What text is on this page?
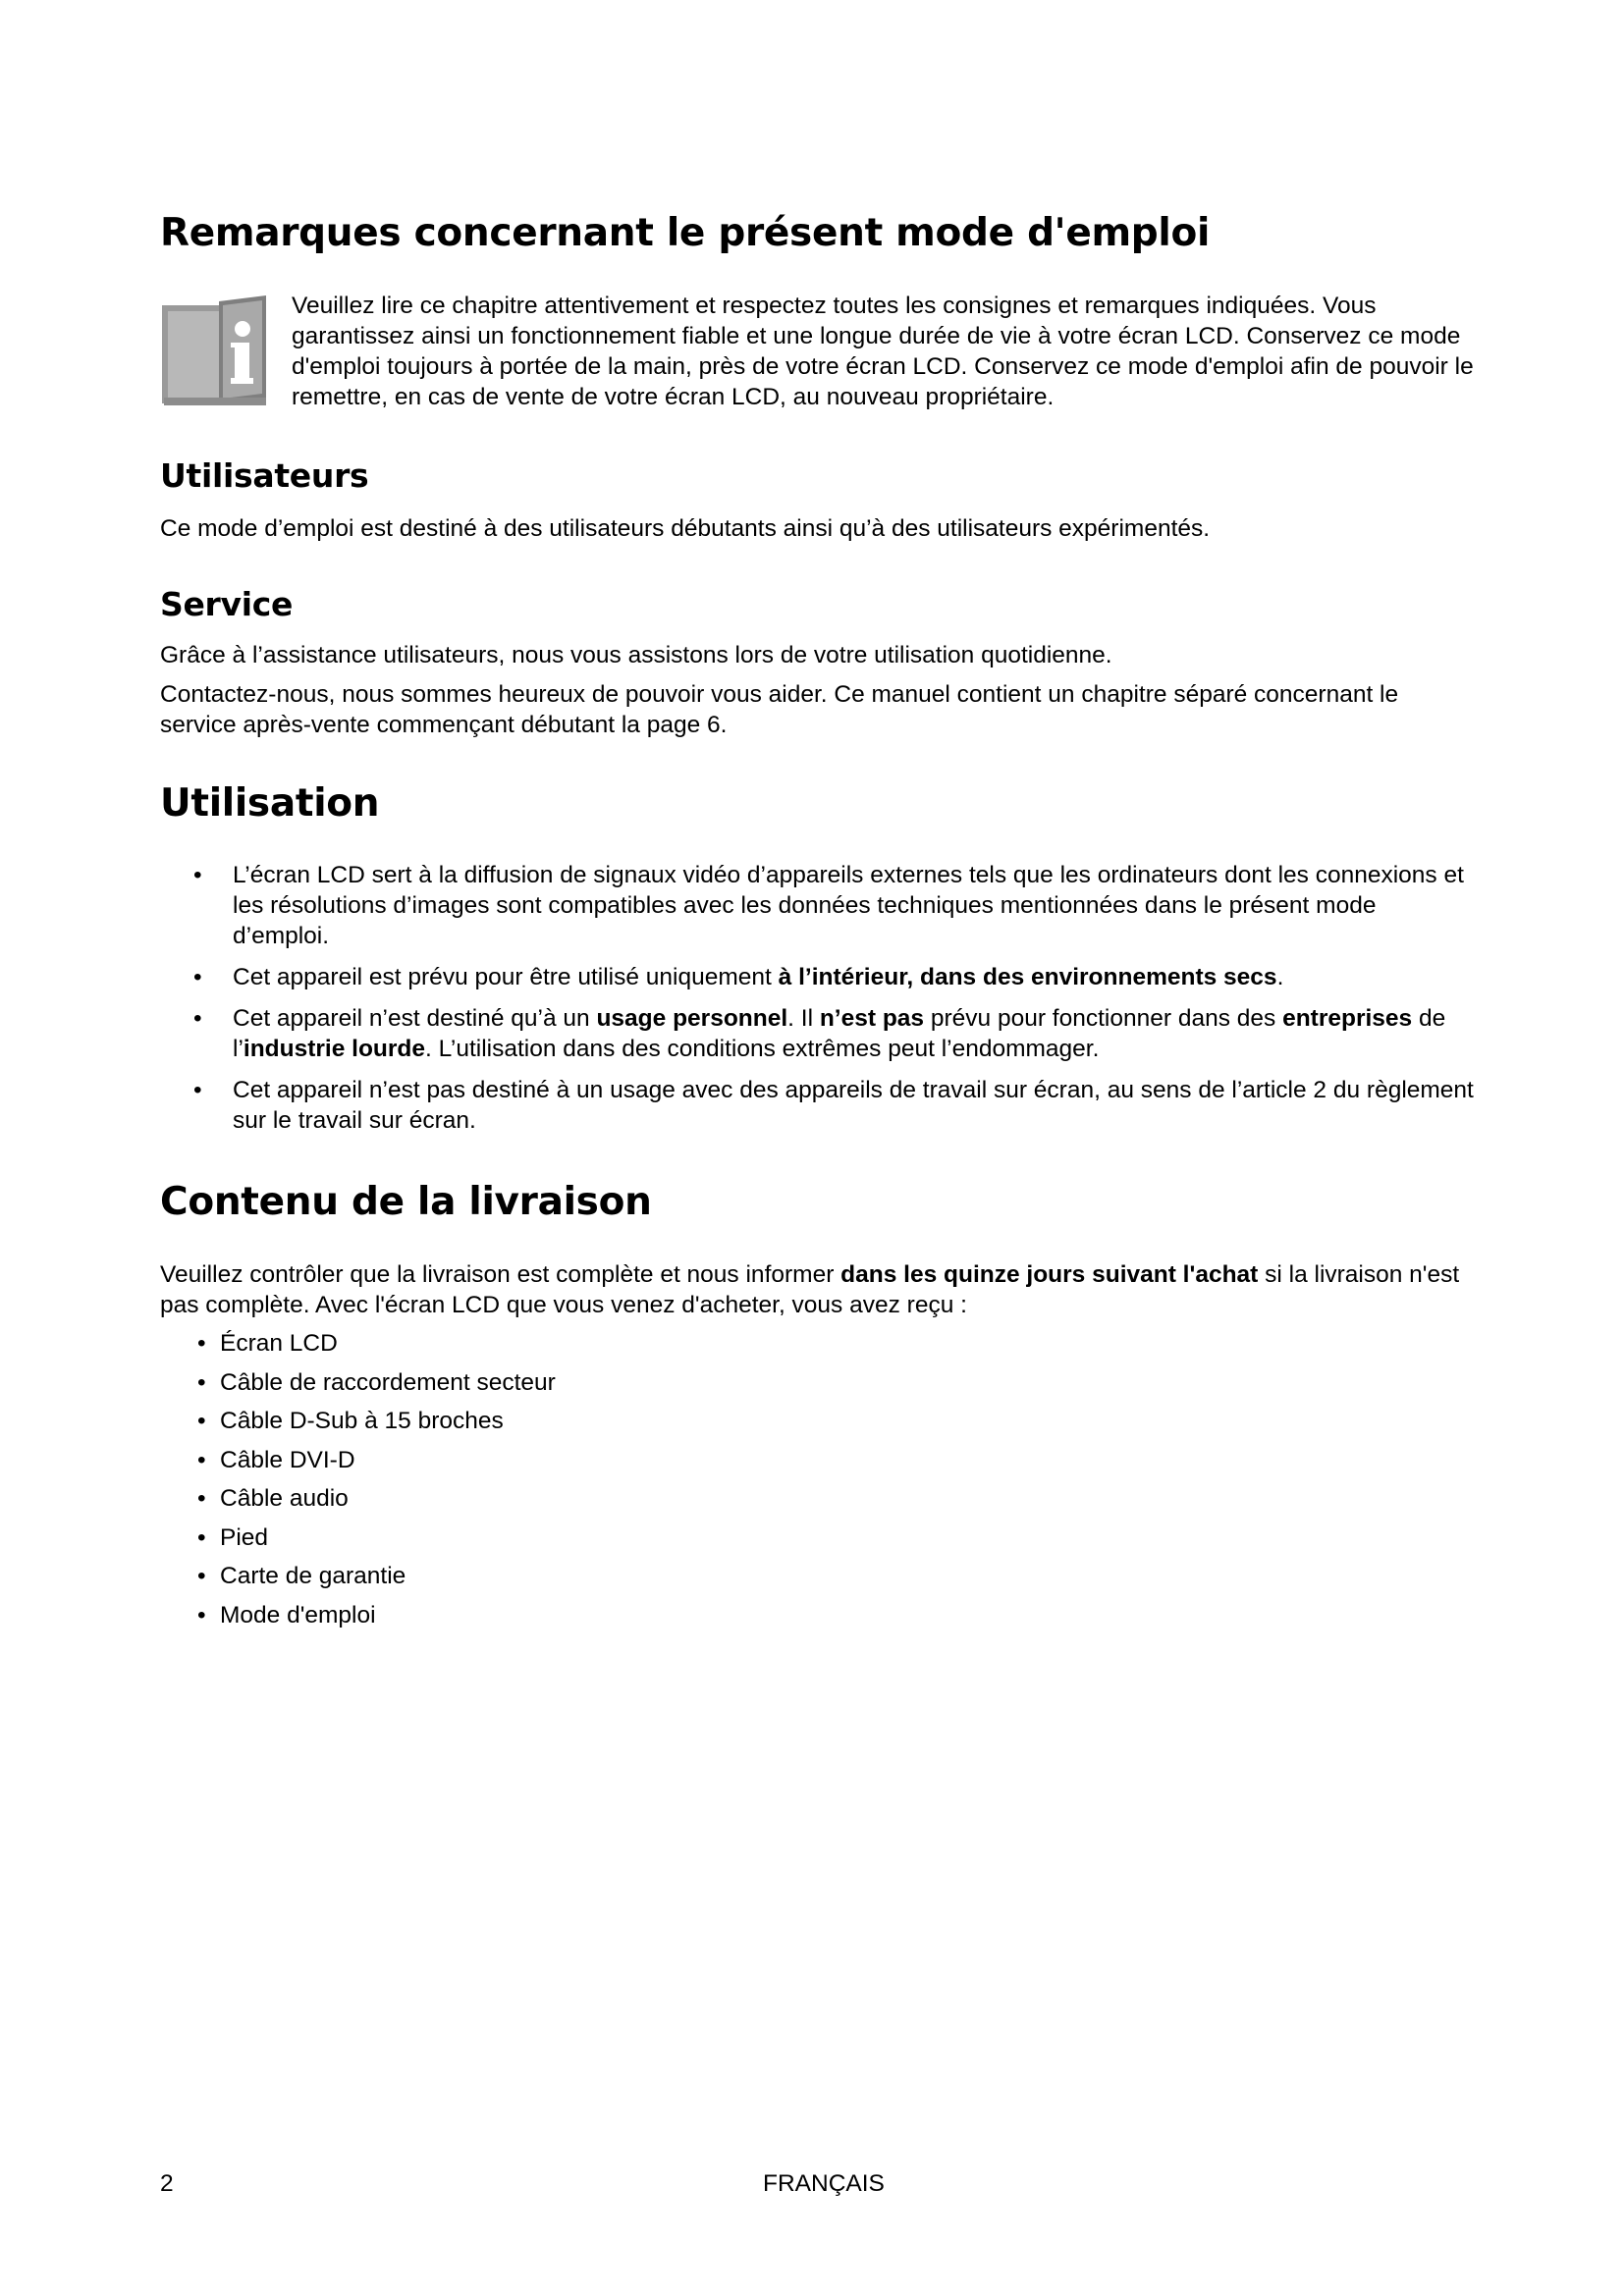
Remarques concernant le présent mode d'emploi

Veuillez lire ce chapitre attentivement et respectez toutes les consignes et remarques indiquées. Vous garantissez ainsi un fonctionnement fiable et une longue durée de vie à votre écran LCD. Conservez ce mode d'emploi toujours à portée de la main, près de votre écran LCD. Conservez ce mode d'emploi afin de pouvoir le remettre, en cas de vente de votre écran LCD, au nouveau propriétaire.

Utilisateurs

Ce mode d’emploi est destiné à des utilisateurs débutants ainsi qu’à des utilisateurs expérimentés.

Service

Grâce à l’assistance utilisateurs, nous vous assistons lors de votre utilisation quotidienne.

Contactez-nous, nous sommes heureux de pouvoir vous aider. Ce manuel contient un chapitre séparé concernant le service après-vente commençant débutant la page 6.

Utilisation
• L’écran LCD sert à la diffusion de signaux vidéo d’appareils externes tels que les ordinateurs dont les connexions et les résolutions d’images sont compatibles avec les données techniques mentionnées dans le présent mode d’emploi.
• Cet appareil est prévu pour être utilisé uniquement à l’intérieur, dans des environnements secs.
• Cet appareil n’est destiné qu’à un usage personnel. Il n’est pas prévu pour fonctionner dans des entreprises de l’industrie lourde. L’utilisation dans des conditions extrêmes peut l’endommager.
• Cet appareil n’est pas destiné à un usage avec des appareils de travail sur écran, au sens de l’article 2 du règlement sur le travail sur écran.
Contenu de la livraison

Veuillez contrôler que la livraison est complète et nous informer dans les quinze jours suivant l'achat si la livraison n'est pas complète. Avec l'écran LCD que vous venez d'acheter, vous avez reçu :

• Écran LCD
• Câble de raccordement secteur
• Câble D-Sub à 15 broches
• Câble DVI-D
• Câble audio
• Pied
• Carte de garantie
• Mode d'emploi
2	FRANÇAIS
